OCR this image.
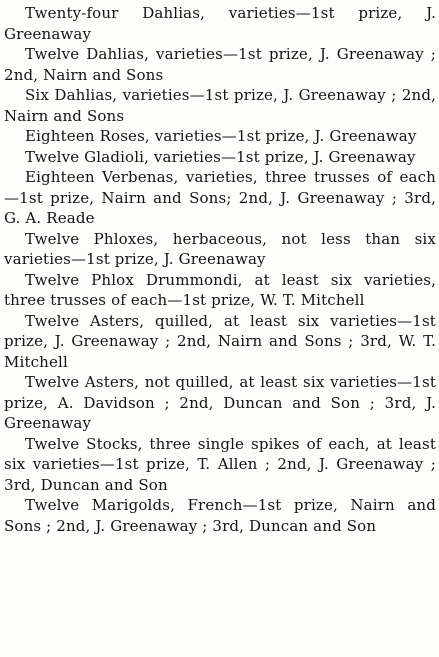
Twenty-four Dahlias, varieties—1st prize, J. Greenaway

Twelve Dahlias, varieties—1st prize, J. Greenaway ; 2nd, Nairn and Sons

Six Dahlias, varieties—1st prize, J. Greenaway ; 2nd, Nairn and Sons

Eighteen Roses, varieties—1st prize, J. Greenaway

Twelve Gladioli, varieties—1st prize, J. Greenaway

Eighteen Verbenas, varieties, three trusses of each—1st prize, Nairn and Sons; 2nd, J. Greenaway ; 3rd, G. A. Reade

Twelve Phloxes, herbaceous, not less than six varieties—1st prize, J. Greenaway

Twelve Phlox Drummondi, at least six varieties, three trusses of each—1st prize, W. T. Mitchell

Twelve Asters, quilled, at least six varieties—1st prize, J. Greenaway ; 2nd, Nairn and Sons ; 3rd, W. T. Mitchell

Twelve Asters, not quilled, at least six varieties—1st prize, A. Davidson ; 2nd, Duncan and Son ; 3rd, J. Greenaway

Twelve Stocks, three single spikes of each, at least six varieties—1st prize, T. Allen ; 2nd, J. Greenaway ; 3rd, Duncan and Son

Twelve Marigolds, French—1st prize, Nairn and Sons ; 2nd, J. Greenaway ; 3rd, Duncan and Son
